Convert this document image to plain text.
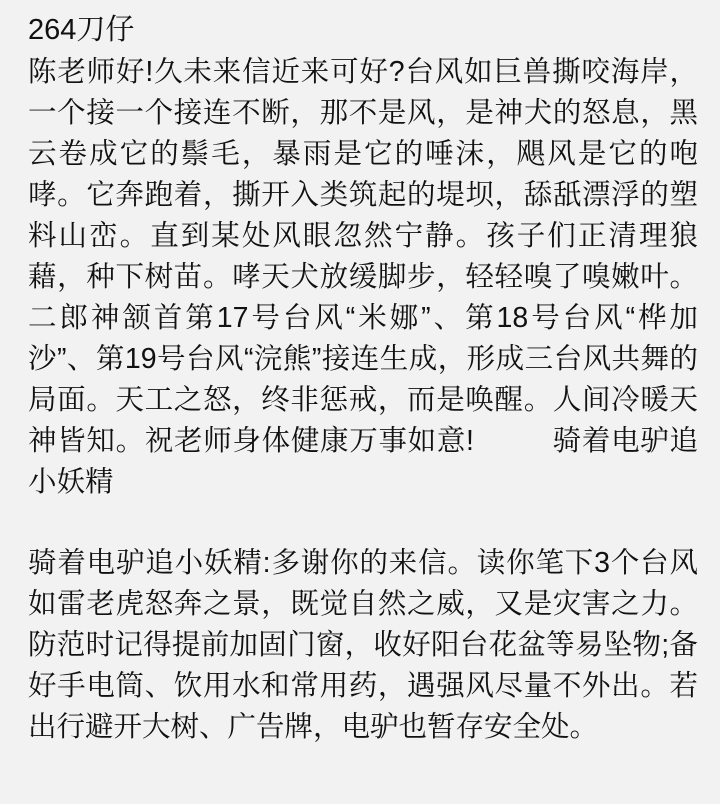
264刀仔

陈老师好!久未来信近来可好?台风如巨兽撕咬海岸，一个接一个接连不断，那不是风，是神犬的怒息，黑云卷成它的鬃毛，暴雨是它的唾沫，飓风是它的咆哮。它奔跑着，撕开入类筑起的堤坝，舔舐漂浮的塑料山峦。直到某处风眼忽然宁静。孩子们正清理狼藉，种下树苗。哮天犬放缓脚步，轻轻嗅了嗅嫩叶。二郎神颔首第17号台风“米娜”、第18号台风“桦加沙”、第19号台风“浣熊”接连生成，形成三台风共舞的局面。天工之怒，终非惩戒，而是唤醒。人间冷暖天神皆知。祝老师身体健康万事如意!	骑着电驴追小妖精

骑着电驴追小妖精:多谢你的来信。读你笔下3个台风如雷老虎怒奔之景，既觉自然之威，又是灾害之力。防范时记得提前加固门窗，收好阳台花盆等易坠物;备好手电筒、饮用水和常用药，遇强风尽量不外出。若出行避开大树、广告牌，电驴也暂存安全处。
